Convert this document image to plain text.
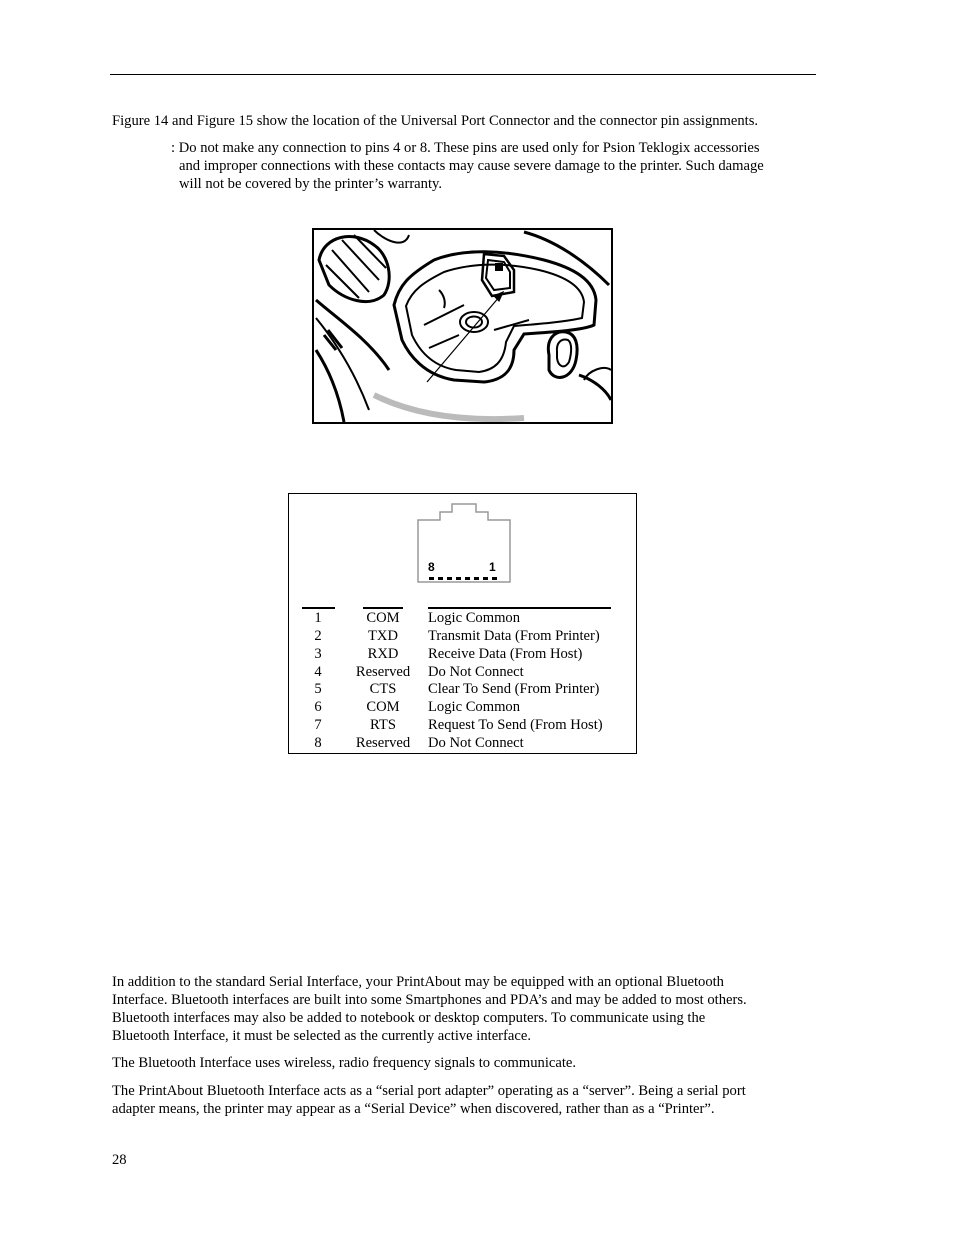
Figure 14 and Figure 15 show the location of the Universal Port Connector and the connector pin assignments.
: Do not make any connection to pins 4 or 8. These pins are used only for Psion Teklogix accessories

and improper connections with these contacts may cause severe damage to the printer. Such damage
will not be covered by the printer’s warranty.
8	1
1	COM	Logic Common
2	TXD	Transmit Data (From Printer)
3	RXD	Receive Data (From Host)
4	Reserved	Do Not Connect
5	CTS	Clear To Send (From Printer)
6	COM	Logic Common
7	RTS	Request To Send (From Host)
8	Reserved	Do Not Connect
In addition to the standard Serial Interface, your PrintAbout may be equipped with an optional Bluetooth
Interface. Bluetooth interfaces are built into some Smartphones and PDA’s and may be added to most others.
Bluetooth interfaces may also be added to notebook or desktop computers. To communicate using the
Bluetooth Interface, it must be selected as the currently active interface.
The Bluetooth Interface uses wireless, radio frequency signals to communicate.
The PrintAbout Bluetooth Interface acts as a “serial port adapter” operating as a “server”. Being a serial port
adapter means, the printer may appear as a “Serial Device” when discovered, rather than as a “Printer”.
28
